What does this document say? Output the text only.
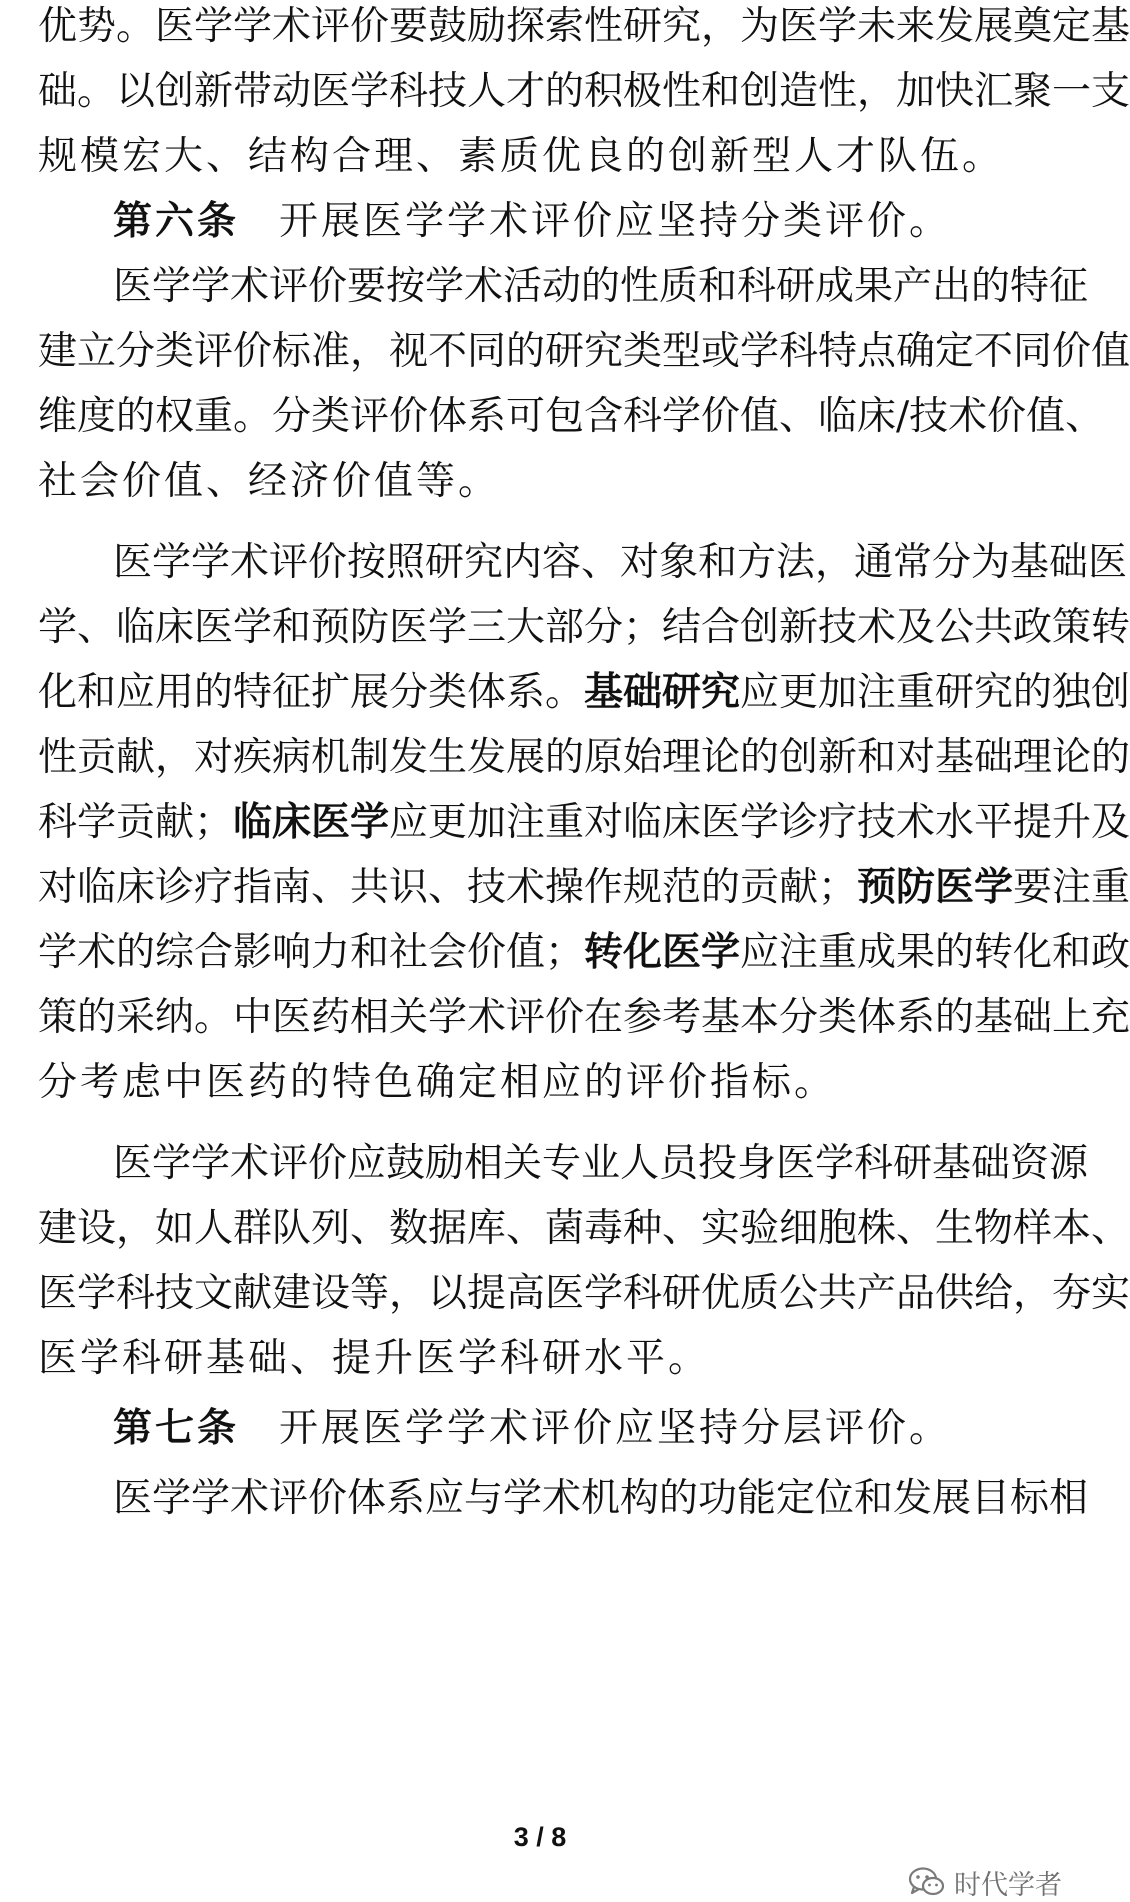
优势。医学学术评价要鼓励探索性研究，为医学未来发展奠定基
础。以创新带动医学科技人才的积极性和创造性，加快汇聚一支
规模宏大、结构合理、素质优良的创新型人才队伍。
第六条 开展医学学术评价应坚持分类评价。
医学学术评价要按学术活动的性质和科研成果产出的特征
建立分类评价标准，视不同的研究类型或学科特点确定不同价值
维度的权重。分类评价体系可包含科学价值、临床/技术价值、
社会价值、经济价值等。
医学学术评价按照研究内容、对象和方法，通常分为基础医
学、临床医学和预防医学三大部分；结合创新技术及公共政策转
化和应用的特征扩展分类体系。基础研究应更加注重研究的独创
性贡献，对疾病机制发生发展的原始理论的创新和对基础理论的
科学贡献；临床医学应更加注重对临床医学诊疗技术水平提升及
对临床诊疗指南、共识、技术操作规范的贡献；预防医学要注重
学术的综合影响力和社会价值；转化医学应注重成果的转化和政
策的采纳。中医药相关学术评价在参考基本分类体系的基础上充
分考虑中医药的特色确定相应的评价指标。
医学学术评价应鼓励相关专业人员投身医学科研基础资源
建设，如人群队列、数据库、菌毒种、实验细胞株、生物样本、
医学科技文献建设等，以提高医学科研优质公共产品供给，夯实
医学科研基础、提升医学科研水平。
第七条 开展医学学术评价应坚持分层评价。
医学学术评价体系应与学术机构的功能定位和发展目标相
3 / 8
时代学者
